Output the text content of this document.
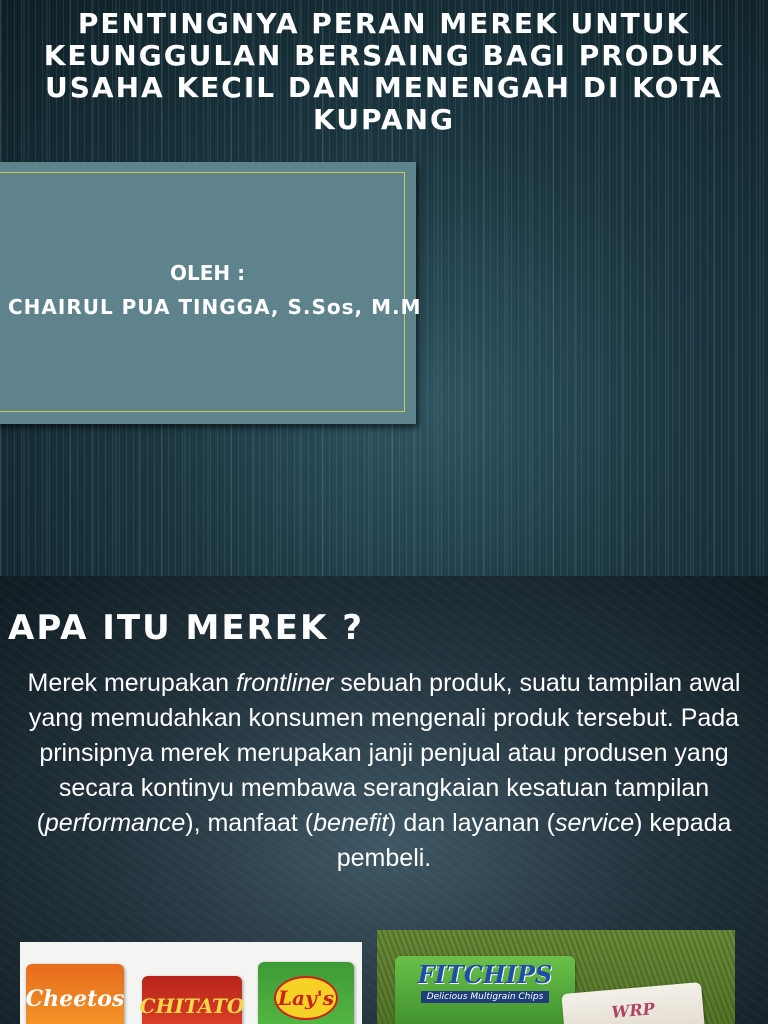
PENTINGNYA PERAN MEREK UNTUK KEUNGGULAN BERSAING BAGI PRODUK USAHA KECIL DAN MENENGAH DI KOTA KUPANG
OLEH :
CHAIRUL PUA TINGGA, S.Sos, M.M
APA ITU MEREK ?

Merek merupakan frontliner sebuah produk, suatu tampilan awal yang memudahkan konsumen mengenali produk tersebut. Pada prinsipnya merek merupakan janji penjual atau produsen yang secara kontinyu membawa serangkaian kesatuan tampilan (performance), manfaat (benefit) dan layanan (service) kepada pembeli.

Cheetos CHITATO Lay's
FITCHIPS
Delicious Multigrain Chips
WRP
